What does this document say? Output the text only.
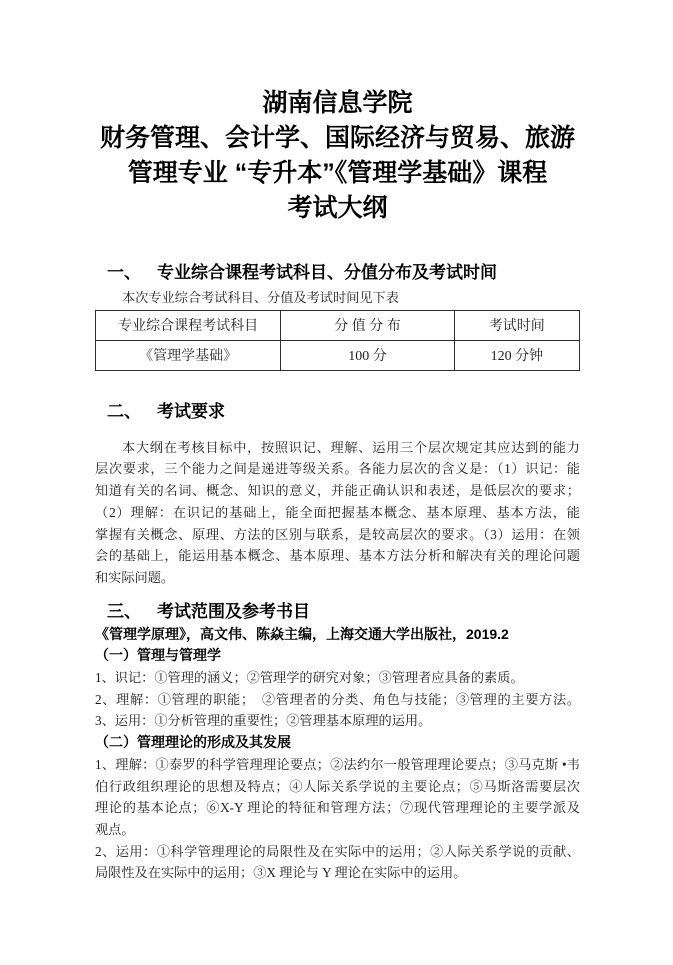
湖南信息学院
财务管理、会计学、国际经济与贸易、旅游
管理专业 “专升本”《管理学基础》课程
考试大纲
一、 专业综合课程考试科目、分值分布及考试时间
本次专业综合考试科目、分值及考试时间见下表
专业综合课程考试科目	分 值 分 布	考试时间
《管理学基础》	100 分	120 分钟
二、 考试要求
本大纲在考核目标中，按照识记、理解、运用三个层次规定其应达到的能力
层次要求，三个能力之间是递进等级关系。各能力层次的含义是：（1）识记：能
知道有关的名词、概念、知识的意义，并能正确认识和表述，是低层次的要求；
（2）理解：在识记的基础上，能全面把握基本概念、基本原理、基本方法，能
掌握有关概念、原理、方法的区别与联系，是较高层次的要求。（3）运用：在领
会的基础上，能运用基本概念、基本原理、基本方法分析和解决有关的理论问题
和实际问题。
三、 考试范围及参考书目
《管理学原理》，高文伟、陈焱主编，上海交通大学出版社，2019.2
（一）管理与管理学
1、识记：①管理的涵义；②管理学的研究对象；③管理者应具备的素质。
2、理解：①管理的职能；　②管理者的分类、角色与技能；③管理的主要方法。
3、运用：①分析管理的重要性；②管理基本原理的运用。
（二）管理理论的形成及其发展
1、理解：①泰罗的科学管理理论要点；②法约尔一般管理理论要点；③马克斯 •韦
伯行政组织理论的思想及特点；④人际关系学说的主要论点；⑤马斯洛需要层次
理论的基本论点；⑥X-Y 理论的特征和管理方法；⑦现代管理理论的主要学派及
观点。
2、运用：①科学管理理论的局限性及在实际中的运用；②人际关系学说的贡献、
局限性及在实际中的运用；③X 理论与 Y 理论在实际中的运用。
